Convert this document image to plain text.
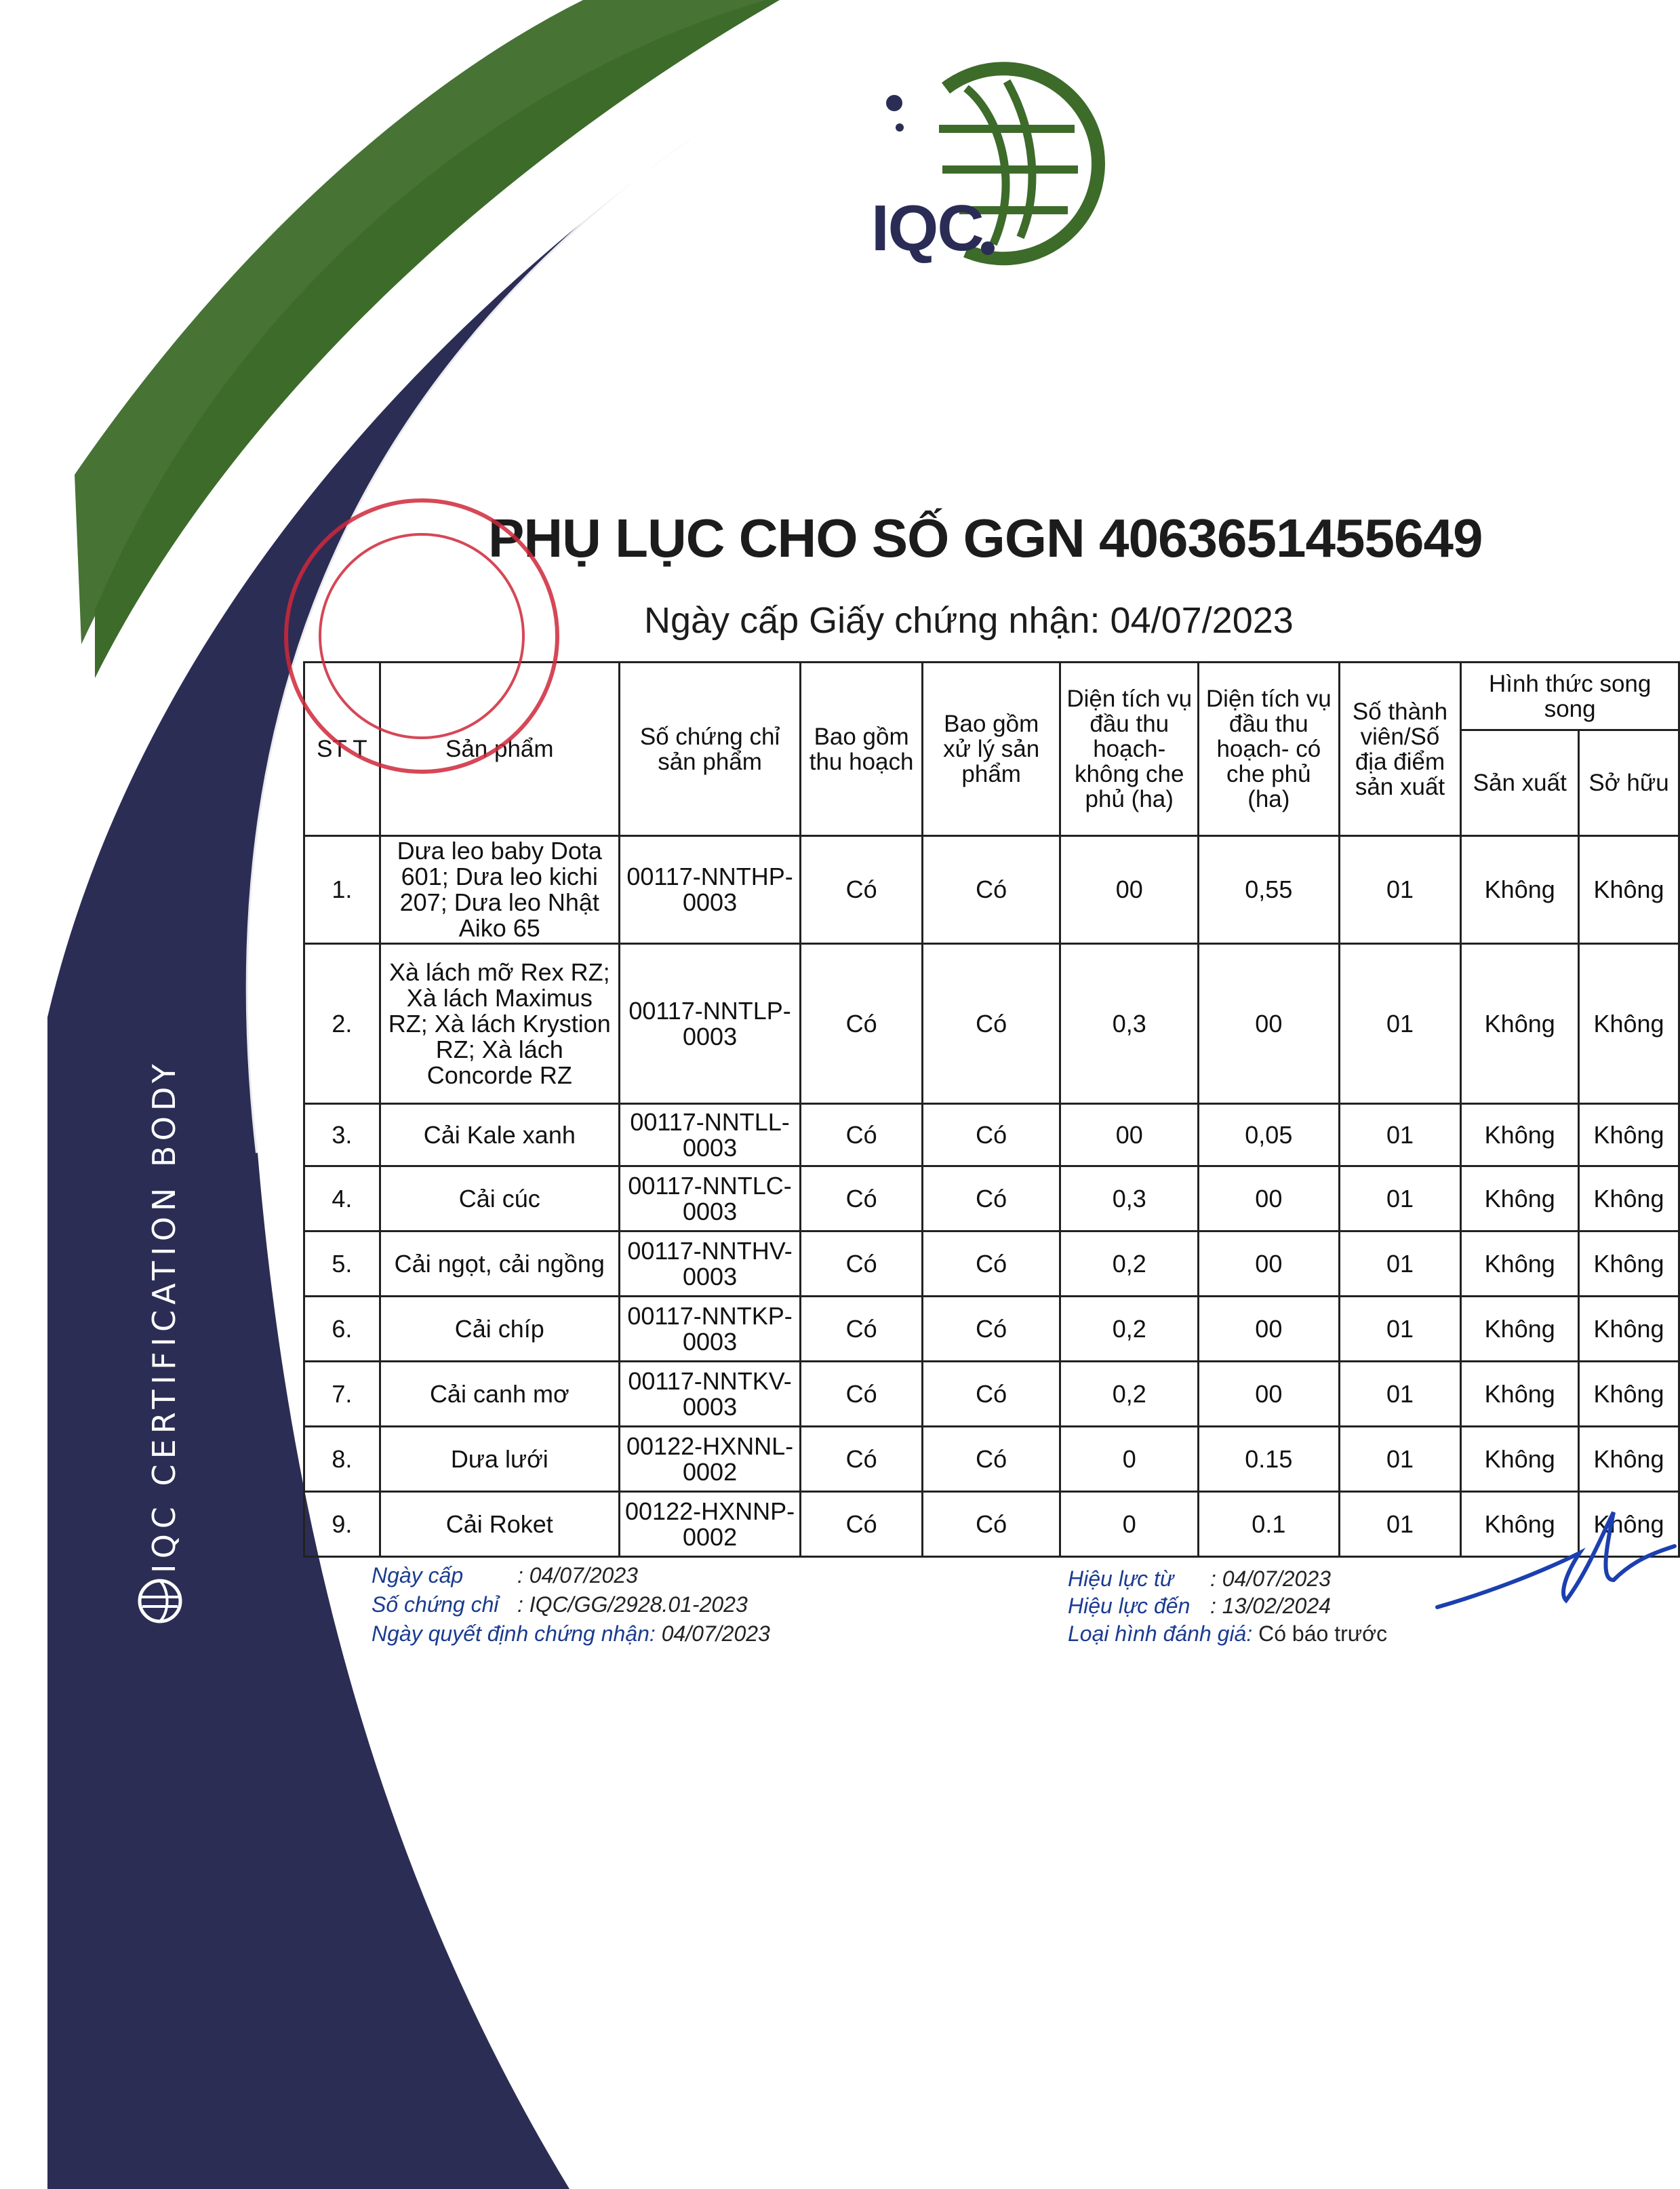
IQC
IQC CERTIFICATION BODY
PHỤ LỤC CHO SỐ GGN 4063651455649
Ngày cấp Giấy chứng nhận: 04/07/2023
ST T	Sản phẩm	Số chứng chỉ sản phẩm	Bao gồm thu hoạch	Bao gồm xử lý sản phẩm	Diện tích vụ đầu thu hoạch- không che phủ (ha)	Diện tích vụ đầu thu hoạch- có che phủ (ha)	Số thành viên/Số địa điểm sản xuất	Hình thức song song	
								Sản xuất	Sở hữu
1.	Dưa leo baby Dota 601; Dưa leo kichi 207; Dưa leo Nhật Aiko 65	00117-NNTHP-0003	Có	Có	00	0,55	01	Không	Không
2.	Xà lách mỡ Rex RZ; Xà lách Maximus RZ; Xà lách Krystion RZ; Xà lách Concorde RZ	00117-NNTLP-0003	Có	Có	0,3	00	01	Không	Không
3.	Cải Kale xanh	00117-NNTLL-0003	Có	Có	00	0,05	01	Không	Không
4.	Cải cúc	00117-NNTLC-0003	Có	Có	0,3	00	01	Không	Không
5.	Cải ngọt, cải ngồng	00117-NNTHV-0003	Có	Có	0,2	00	01	Không	Không
6.	Cải chíp	00117-NNTKP-0003	Có	Có	0,2	00	01	Không	Không
7.	Cải canh mơ	00117-NNTKV-0003	Có	Có	0,2	00	01	Không	Không
8.	Dưa lưới	00122-HXNNL-0002	Có	Có	0	0.15	01	Không	Không
9.	Cải Roket	00122-HXNNP-0002	Có	Có	0	0.1	01	Không	Không
Ngày cấp : 04/07/2023
Số chứng chỉ : IQC/GG/2928.01-2023
Ngày quyết định chứng nhận: 04/07/2023
Hiệu lực từ : 04/07/2023
Hiệu lực đến : 13/02/2024
Loại hình đánh giá: Có báo trước
